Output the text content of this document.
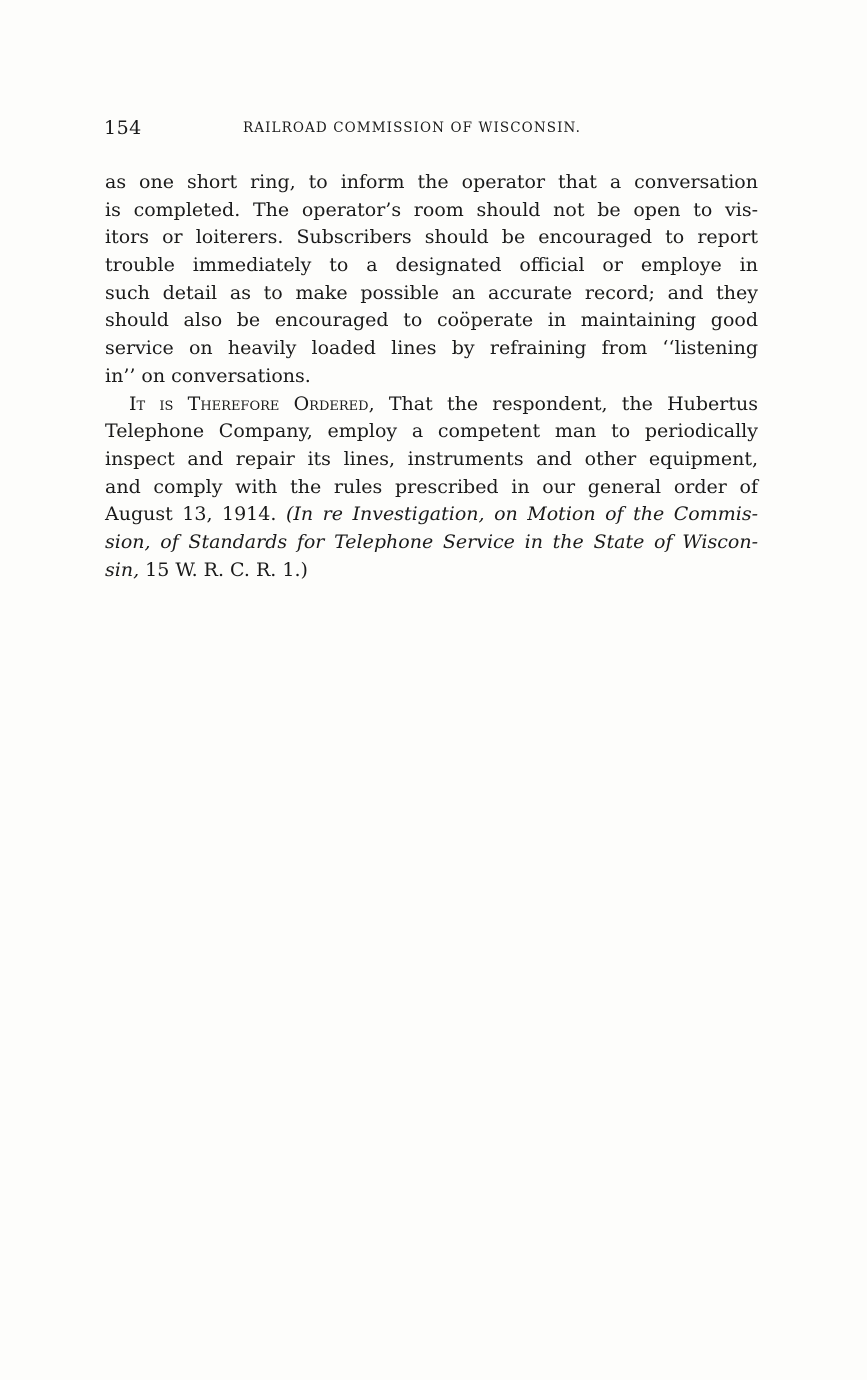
154	RAILROAD COMMISSION OF WISCONSIN.
as one short ring, to inform the operator that a conversation
is completed. The operator’s room should not be open to vis-
itors or loiterers. Subscribers should be encouraged to report
trouble immediately to a designated official or employe in
such detail as to make possible an accurate record; and they
should also be encouraged to coöperate in maintaining good
service on heavily loaded lines by refraining from ‘‘listening
in’’ on conversations.
It is Therefore Ordered, That the respondent, the Hubertus
Telephone Company, employ a competent man to periodically
inspect and repair its lines, instruments and other equipment,
and comply with the rules prescribed in our general order of
August 13, 1914. (In re Investigation, on Motion of the Commis-
sion, of Standards for Telephone Service in the State of Wiscon-
sin, 15 W. R. C. R. 1.)
